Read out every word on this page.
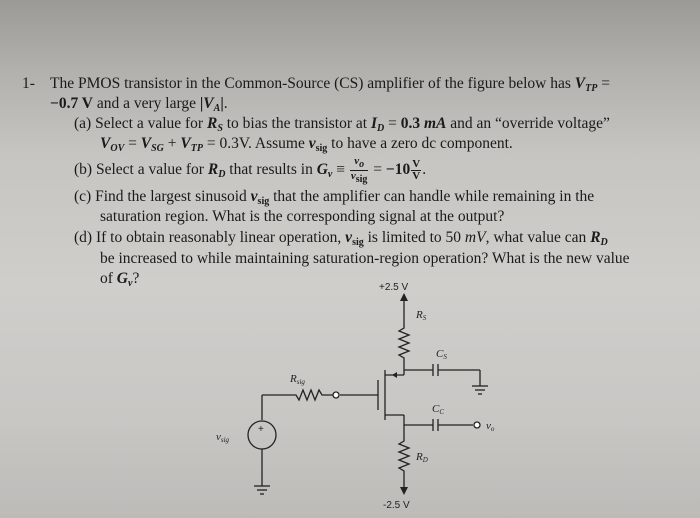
1- The PMOS transistor in the Common-Source (CS) amplifier of the figure below has $V_{TP}$ =
−0.7 V and a very large $|V_A|$.
(a) Select a value for $R_S$ to bias the transistor at $I_D = 0.3$ mA and an “override voltage”
$V_{OV} = V_{SG} + V_{TP} = 0.3V$. Assume $v_{sig}$ to have a zero dc component.
(b) Select a value for $R_D$ that results in $G_v \equiv \frac{v_o}{v_{sig}} = -10 \frac{V}{V}$ .
(c) Find the largest sinusoid $v_{sig}$ that the amplifier can handle while remaining in the
saturation region. What is the corresponding signal at the output?
(d) If to obtain reasonably linear operation, $v_{sig}$ is limited to 50 mV, what value can $R_D$
be increased to while maintaining saturation-region operation? What is the new value
of $G_v$?
+2.5 V
RS
CS
Rsig
CC
vo
RD
vsig
+
-2.5 V
